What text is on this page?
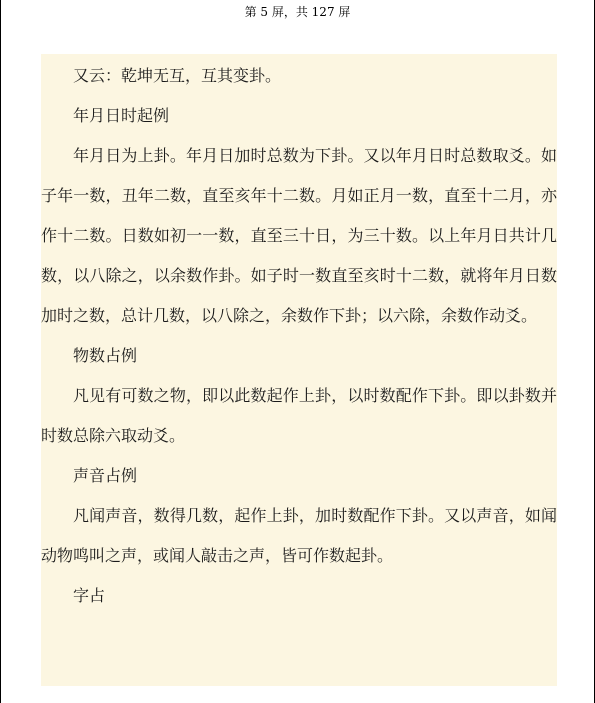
第 5 屏，共 127 屏

又云：乾坤无互，互其变卦。

年月日时起例

年月日为上卦。年月日加时总数为下卦。又以年月日时总数取爻。如子年一数，丑年二数，直至亥年十二数。月如正月一数，直至十二月，亦作十二数。日数如初一一数，直至三十日，为三十数。以上年月日共计几数，以八除之，以余数作卦。如子时一数直至亥时十二数，就将年月日数加时之数，总计几数，以八除之，余数作下卦；以六除，余数作动爻。

物数占例

凡见有可数之物，即以此数起作上卦，以时数配作下卦。即以卦数并时数总除六取动爻。

声音占例

凡闻声音，数得几数，起作上卦，加时数配作下卦。又以声音，如闻动物鸣叫之声，或闻人敲击之声，皆可作数起卦。

字占
